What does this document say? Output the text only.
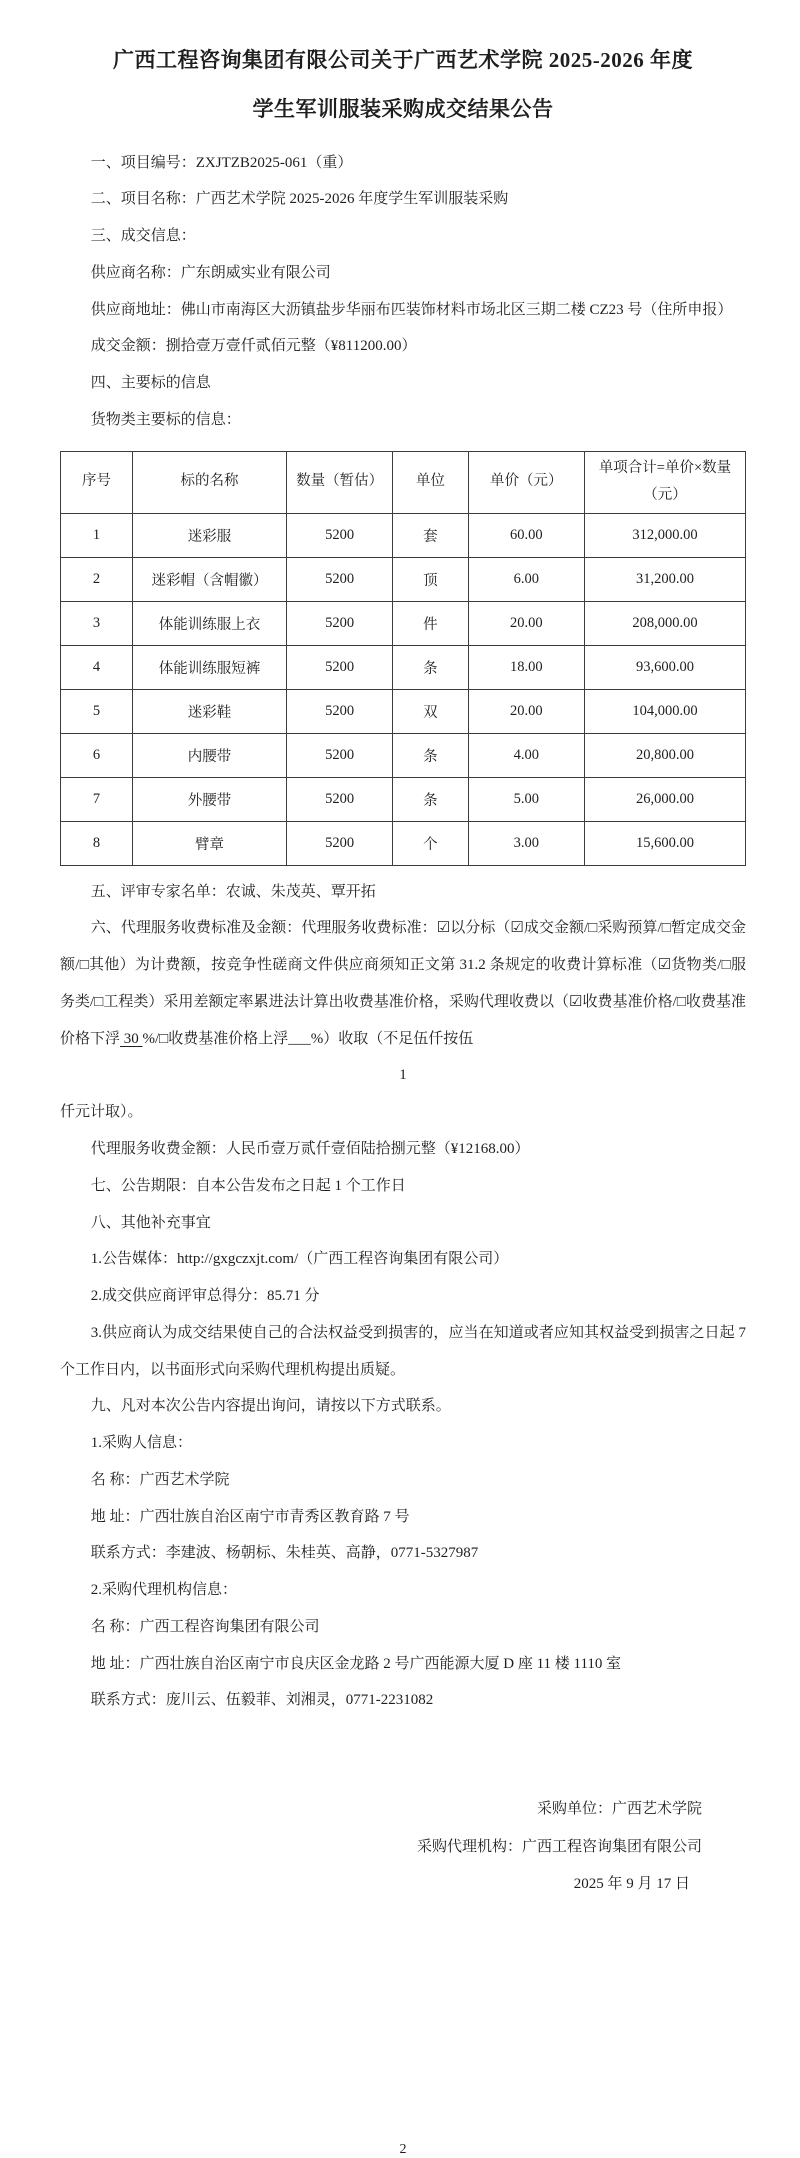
广西工程咨询集团有限公司关于广西艺术学院 2025-2026 年度
学生军训服装采购成交结果公告

一、项目编号：ZXJTZB2025-061（重）

二、项目名称：广西艺术学院 2025-2026 年度学生军训服装采购

三、成交信息：

供应商名称：广东朗威实业有限公司

供应商地址：佛山市南海区大沥镇盐步华丽布匹装饰材料市场北区三期二楼 CZ23 号（住所申报）

成交金额：捌拾壹万壹仟贰佰元整（¥811200.00）

四、主要标的信息

货物类主要标的信息：

序号	标的名称	数量（暂估）	单位	单价（元）	单项合计=单价×数量（元）
1	迷彩服	5200	套	60.00	312,000.00
2	迷彩帽（含帽徽）	5200	顶	6.00	31,200.00
3	体能训练服上衣	5200	件	20.00	208,000.00
4	体能训练服短裤	5200	条	18.00	93,600.00
5	迷彩鞋	5200	双	20.00	104,000.00
6	内腰带	5200	条	4.00	20,800.00
7	外腰带	5200	条	5.00	26,000.00
8	臂章	5200	个	3.00	15,600.00

五、评审专家名单：农诚、朱茂英、覃开拓

六、代理服务收费标准及金额：代理服务收费标准：☑以分标（☑成交金额/□采购预算/□暂定成交金额/□其他）为计费额，按竞争性磋商文件供应商须知正文第 31.2 条规定的收费计算标准（☑货物类/□服务类/□工程类）采用差额定率累进法计算出收费基准价格，采购代理收费以（☑收费基准价格/□收费基准价格下浮 30 %/□收费基准价格上浮___%）收取（不足伍仟按伍

1

仟元计取）。

代理服务收费金额：人民币壹万贰仟壹佰陆拾捌元整（¥12168.00）

七、公告期限：自本公告发布之日起 1 个工作日

八、其他补充事宜

1.公告媒体：http://gxgczxjt.com/（广西工程咨询集团有限公司）

2.成交供应商评审总得分：85.71 分

3.供应商认为成交结果使自己的合法权益受到损害的，应当在知道或者应知其权益受到损害之日起 7 个工作日内，以书面形式向采购代理机构提出质疑。

九、凡对本次公告内容提出询问，请按以下方式联系。

1.采购人信息：

名 称：广西艺术学院

地 址：广西壮族自治区南宁市青秀区教育路 7 号

联系方式：李建波、杨朝标、朱桂英、高静，0771-5327987

2.采购代理机构信息：

名 称：广西工程咨询集团有限公司

地 址：广西壮族自治区南宁市良庆区金龙路 2 号广西能源大厦 D 座 11 楼 1110 室

联系方式：庞川云、伍毅菲、刘湘灵，0771-2231082

采购单位：广西艺术学院
采购代理机构：广西工程咨询集团有限公司
2025 年 9 月 17 日
2
